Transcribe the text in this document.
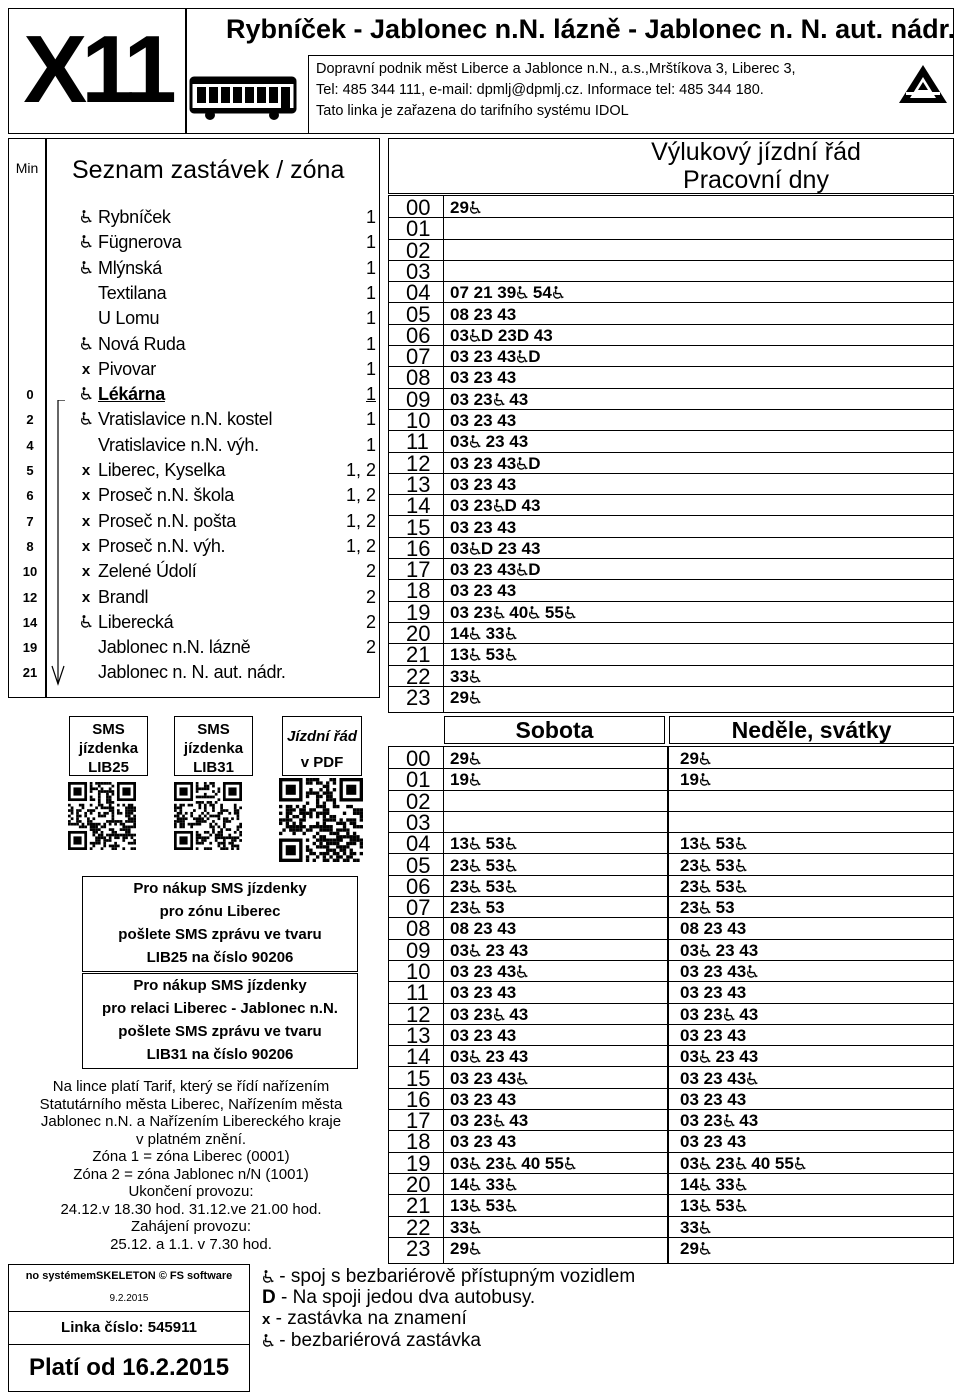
X11	Rybníček - Jablonec n.N. lázně - Jablonec n. N. aut. nádr.
Dopravní podnik měst Liberce a Jablonce n.N., a.s.,Mrštíkova 3, Liberec 3,
Tel: 485 344 111, e-mail: dpmlj@dpmlj.cz. Informace tel: 485 344 180.
Tato linka je zařazena do tarifního systému IDOL
Min	Seznam zastávek / zóna
Rybníček	1
Fügnerova	1
Mlýnská	1
Textilana	1
U Lomu	1
Nová Ruda	1
x Pivovar	1
0	Lékárna	1
2	Vratislavice n.N. kostel	1
4	Vratislavice n.N. výh.	1
5	x Liberec, Kyselka	1, 2
6	x Proseč n.N. škola	1, 2
7	x Proseč n.N. pošta	1, 2
8	x Proseč n.N. výh.	1, 2
10	x Zelené Údolí	2
12	x Brandl	2
14	Liberecká	2
19	Jablonec n.N. lázně	2
21	Jablonec n. N. aut. nádr.
SMS
jízdenka
LIB25
SMS
jízdenka
LIB31
Jízdní řád
v PDF
Pro nákup SMS jízdenky
pro zónu Liberec
pošlete SMS zprávu ve tvaru
LIB25 na číslo 90206
Pro nákup SMS jízdenky
pro relaci Liberec - Jablonec n.N.
pošlete SMS zprávu ve tvaru
LIB31 na číslo 90206
Na lince platí Tarif, který se řídí nařízením
Statutárního města Liberec, Nařízením města
Jablonec n.N. a Nařízením Libereckého kraje
v platném znění.
Zóna 1 = zóna Liberec (0001)
Zóna 2 = zóna Jablonec n/N (1001)
Ukončení provozu:
24.12.v 18.30 hod. 31.12.ve 21.00 hod.
Zahájení provozu:
25.12. a 1.1. v 7.30 hod.
no systémemSKELETON © FS software
9.2.2015
Linka číslo: 545911
Platí od 16.2.2015
Výlukový jízdní řád
Pracovní dny
00	29
01
02
03
04	07 21 39 54
05	08 23 43
06	03 D 23D 43
07	03 23 43 D
08	03 23 43
09	03 23 43
10	03 23 43
11	03 23 43
12	03 23 43 D
13	03 23 43
14	03 23 D 43
15	03 23 43
16	03 D 23 43
17	03 23 43 D
18	03 23 43
19	03 23 40 55
20	14 33
21	13 53
22	33
23	29
Sobota	Neděle, svátky
00	29	29
01	19	19
02
03
04	13 53	13 53
05	23 53	23 53
06	23 53	23 53
07	23 53	23 53
08	08 23 43	08 23 43
09	03 23 43	03 23 43
10	03 23 43	03 23 43
11	03 23 43	03 23 43
12	03 23 43	03 23 43
13	03 23 43	03 23 43
14	03 23 43	03 23 43
15	03 23 43	03 23 43
16	03 23 43	03 23 43
17	03 23 43	03 23 43
18	03 23 43	03 23 43
19	03 23 40 55	03 23 40 55
20	14 33	14 33
21	13 53	13 53
22	33	33
23	29	29
- spoj s bezbariérově přístupným vozidlem
D - Na spoji jedou dva autobusy.
x - zastávka na znamení
- bezbariérová zastávka
